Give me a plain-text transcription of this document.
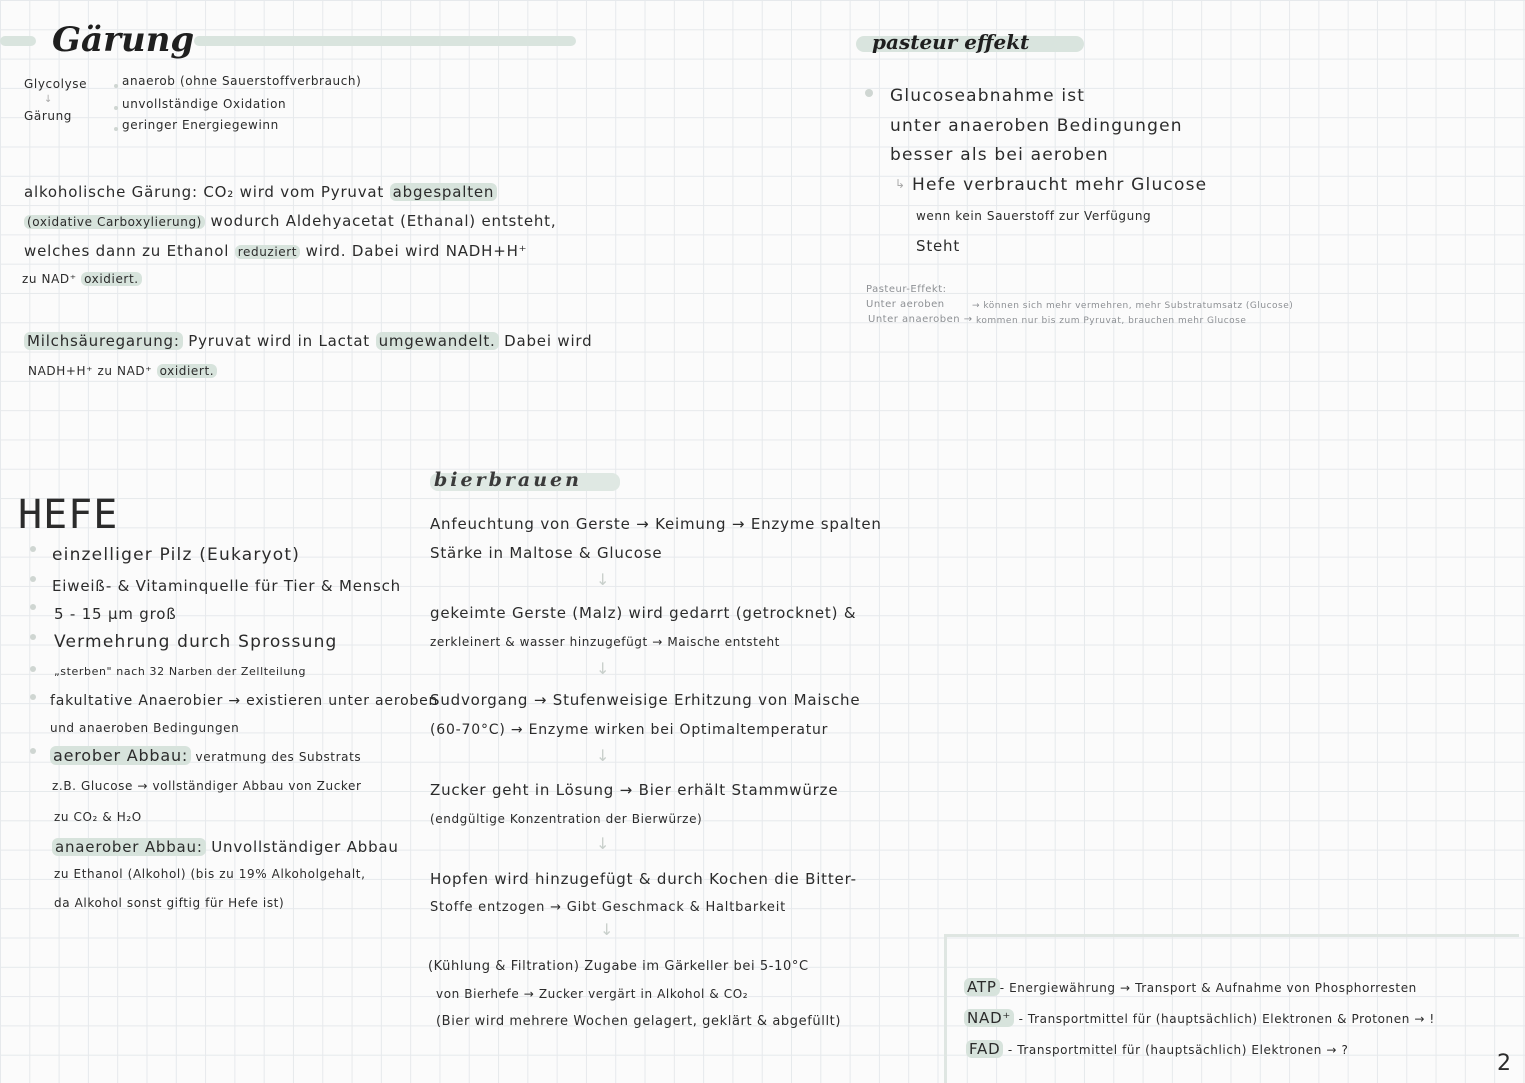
Gärung
Glycolyse
↓
Gärung
anaerob (ohne Sauerstoffverbrauch)
unvollständige Oxidation
geringer Energiegewinn
alkoholische Gärung: CO₂ wird vom Pyruvat abgespalten
(oxidative Carboxylierung) wodurch Aldehyacetat (Ethanal) entsteht,
welches dann zu Ethanol reduziert wird. Dabei wird NADH+H⁺
zu NAD⁺ oxidiert.
Milchsäuregarung: Pyruvat wird in Lactat umgewandelt. Dabei wird
NADH+H⁺ zu NAD⁺ oxidiert.
pasteur effekt
Glucoseabnahme ist
unter anaeroben Bedingungen
besser als bei aeroben
↳ Hefe verbraucht mehr Glucose
wenn kein Sauerstoff zur Verfügung
Steht
Pasteur-Effekt:
Unter aeroben	→ können sich mehr vermehren, mehr Substratumsatz (Glucose)
Unter anaeroben → kommen nur bis zum Pyruvat, brauchen mehr Glucose
HEFE
einzelliger Pilz (Eukaryot)
Eiweiß- & Vitaminquelle für Tier & Mensch
5 - 15 μm groß
Vermehrung durch Sprossung
„sterben" nach 32 Narben der Zellteilung
fakultative Anaerobier → existieren unter aeroben
und anaeroben Bedingungen
aerober Abbau: veratmung des Substrats
z.B. Glucose → vollständiger Abbau von Zucker
zu CO₂ & H₂O
anaerober Abbau: Unvollständiger Abbau
zu Ethanol (Alkohol) (bis zu 19% Alkoholgehalt,
da Alkohol sonst giftig für Hefe ist)
bierbrauen
Anfeuchtung von Gerste → Keimung → Enzyme spalten
Stärke in Maltose & Glucose
↓
gekeimte Gerste (Malz) wird gedarrt (getrocknet) &
zerkleinert & wasser hinzugefügt → Maische entsteht
↓
Sudvorgang → Stufenweisige Erhitzung von Maische
(60-70°C) → Enzyme wirken bei Optimaltemperatur
↓
Zucker geht in Lösung → Bier erhält Stammwürze
(endgültige Konzentration der Bierwürze)
↓
Hopfen wird hinzugefügt & durch Kochen die Bitter-
Stoffe entzogen → Gibt Geschmack & Haltbarkeit
↓
(Kühlung & Filtration) Zugabe im Gärkeller bei 5-10°C
von Bierhefe → Zucker vergärt in Alkohol & CO₂
(Bier wird mehrere Wochen gelagert, geklärt & abgefüllt)
ATP - Energiewährung → Transport & Aufnahme von Phosphorresten
NAD⁺ - Transportmittel für (hauptsächlich) Elektronen & Protonen → !
FAD - Transportmittel für (hauptsächlich) Elektronen → ?
2
